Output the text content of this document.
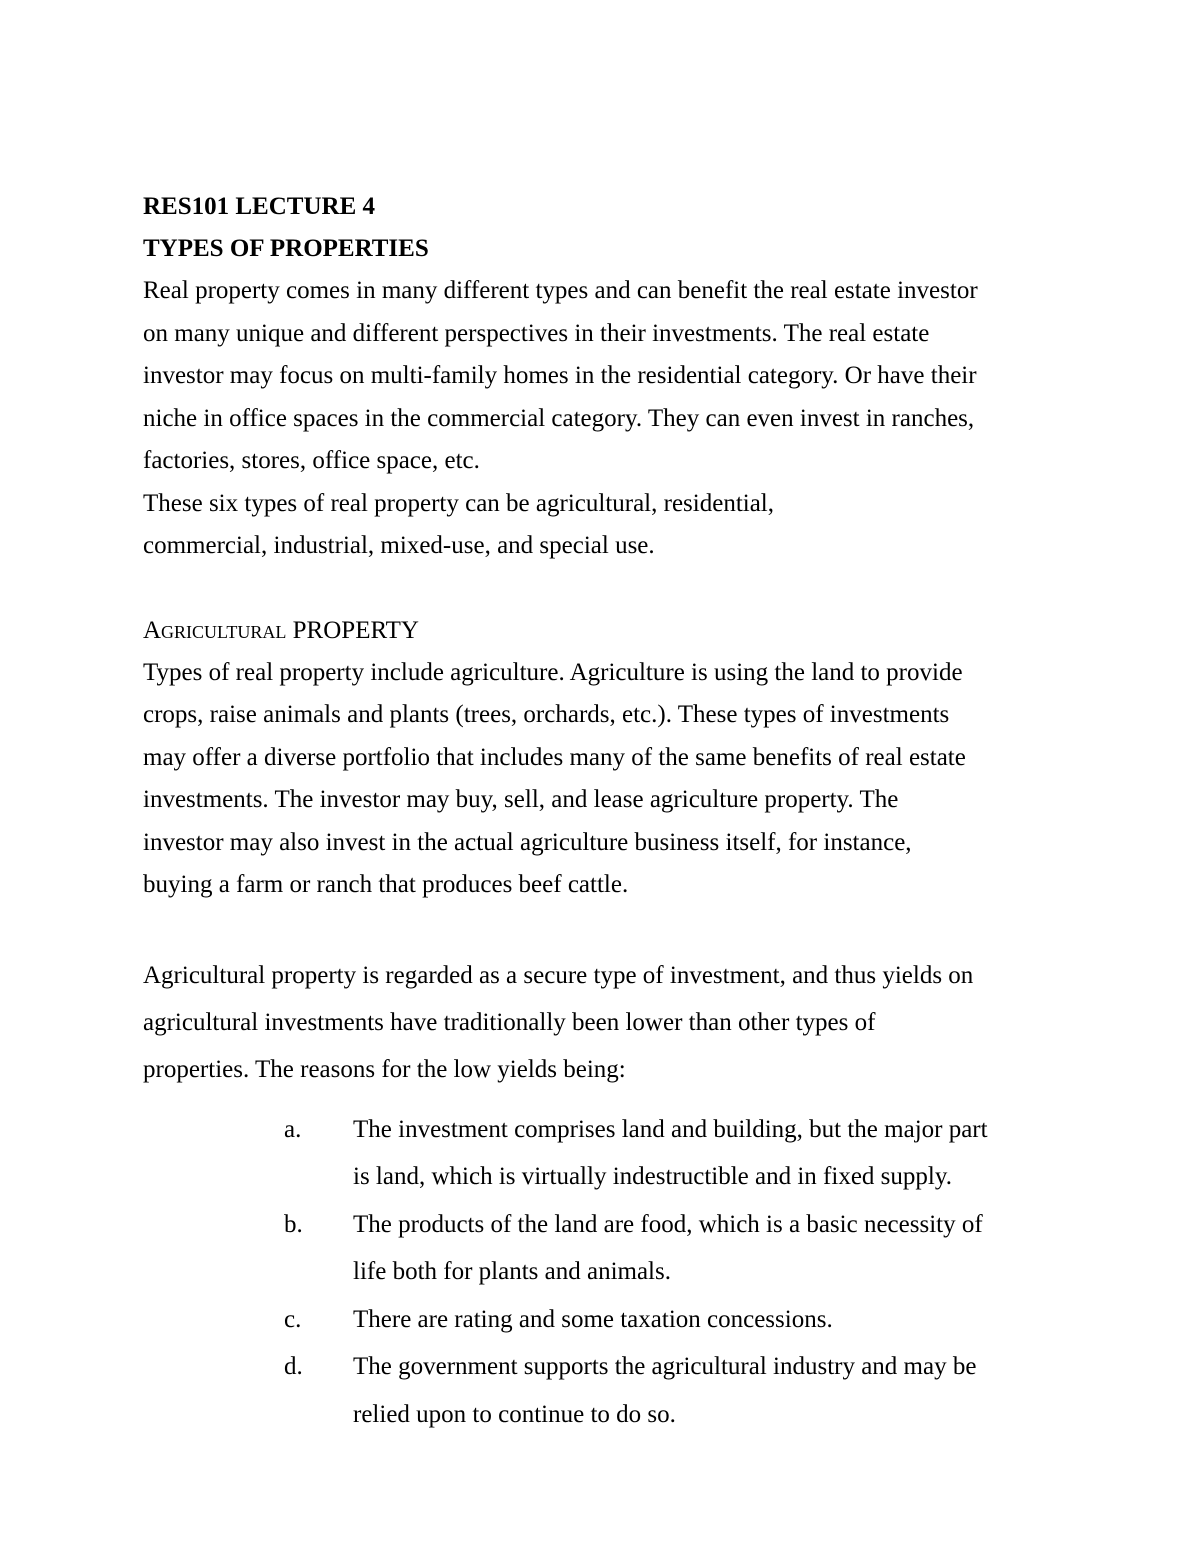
RES101 LECTURE 4
TYPES OF PROPERTIES
Real property comes in many different types and can benefit the real estate investor
on many unique and different perspectives in their investments. The real estate
investor may focus on multi-family homes in the residential category. Or have their
niche in office spaces in the commercial category. They can even invest in ranches,
factories, stores, office space, etc.
These six types of real property can be agricultural, residential,
commercial, industrial, mixed-use, and special use.
Agricultural PROPERTY
Types of real property include agriculture. Agriculture is using the land to provide
crops, raise animals and plants (trees, orchards, etc.). These types of investments
may offer a diverse portfolio that includes many of the same benefits of real estate
investments. The investor may buy, sell, and lease agriculture property. The
investor may also invest in the actual agriculture business itself, for instance,
buying a farm or ranch that produces beef cattle.
Agricultural property is regarded as a secure type of investment, and thus yields on
agricultural investments have traditionally been lower than other types of
properties. The reasons for the low yields being:
a. The investment comprises land and building, but the major part
is land, which is virtually indestructible and in fixed supply.
b. The products of the land are food, which is a basic necessity of
life both for plants and animals.
c. There are rating and some taxation concessions.
d. The government supports the agricultural industry and may be
relied upon to continue to do so.
